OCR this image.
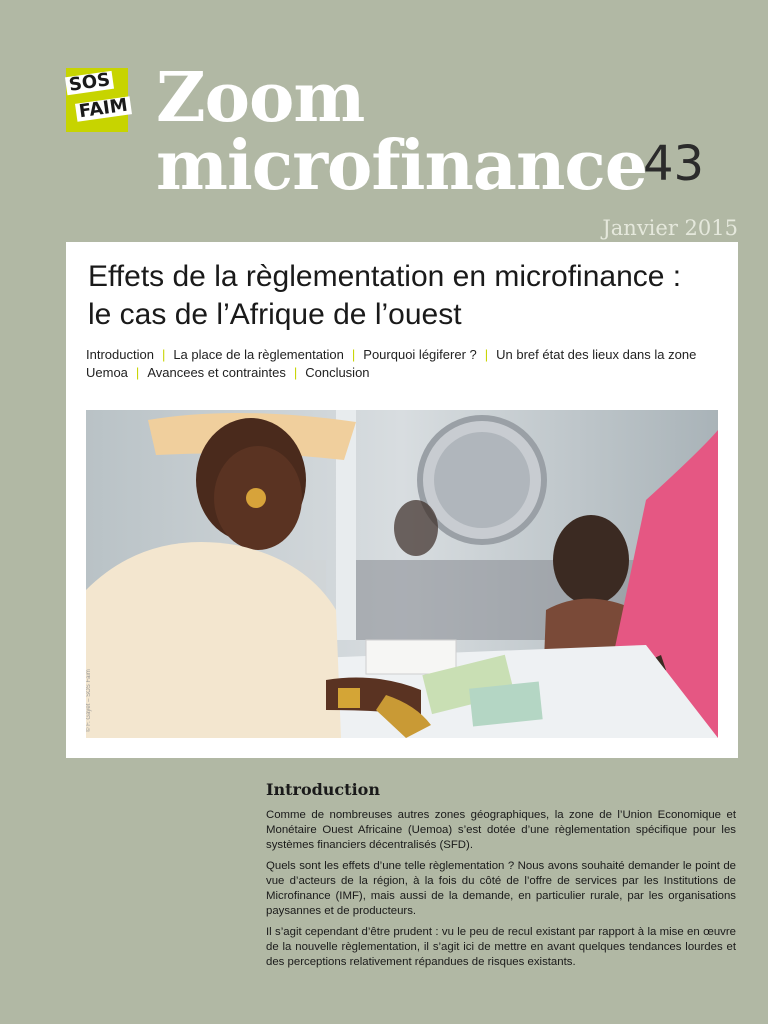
SOS
FAIM Zoom
microfinance
43
Janvier 2015
Effets de la règlementation en microfinance :
le cas de l’Afrique de l’ouest

Introduction | La place de la règlementation | Pourquoi légiferer ? | Un bref état des lieux dans la zone Uemoa | Avancees et contraintes | Conclusion

© F. Gayet – SOS Faim
Introduction

Comme de nombreuses autres zones géographiques, la zone de l’Union Economique et Monétaire Ouest Africaine (Uemoa) s’est dotée d’une règlementation spécifique pour les systèmes financiers décentralisés (SFD).

Quels sont les effets d’une telle règlementation ? Nous avons souhaité demander le point de vue d’acteurs de la région, à la fois du côté de l’offre de services par les Institutions de Microfinance (IMF), mais aussi de la demande, en particulier rurale, par les organisations paysannes et de producteurs.

Il s’agit cependant d’être prudent : vu le peu de recul existant par rapport à la mise en œuvre de la nouvelle règlementation, il s’agit ici de mettre en avant quelques tendances lourdes et des perceptions relativement répandues de risques existants.
